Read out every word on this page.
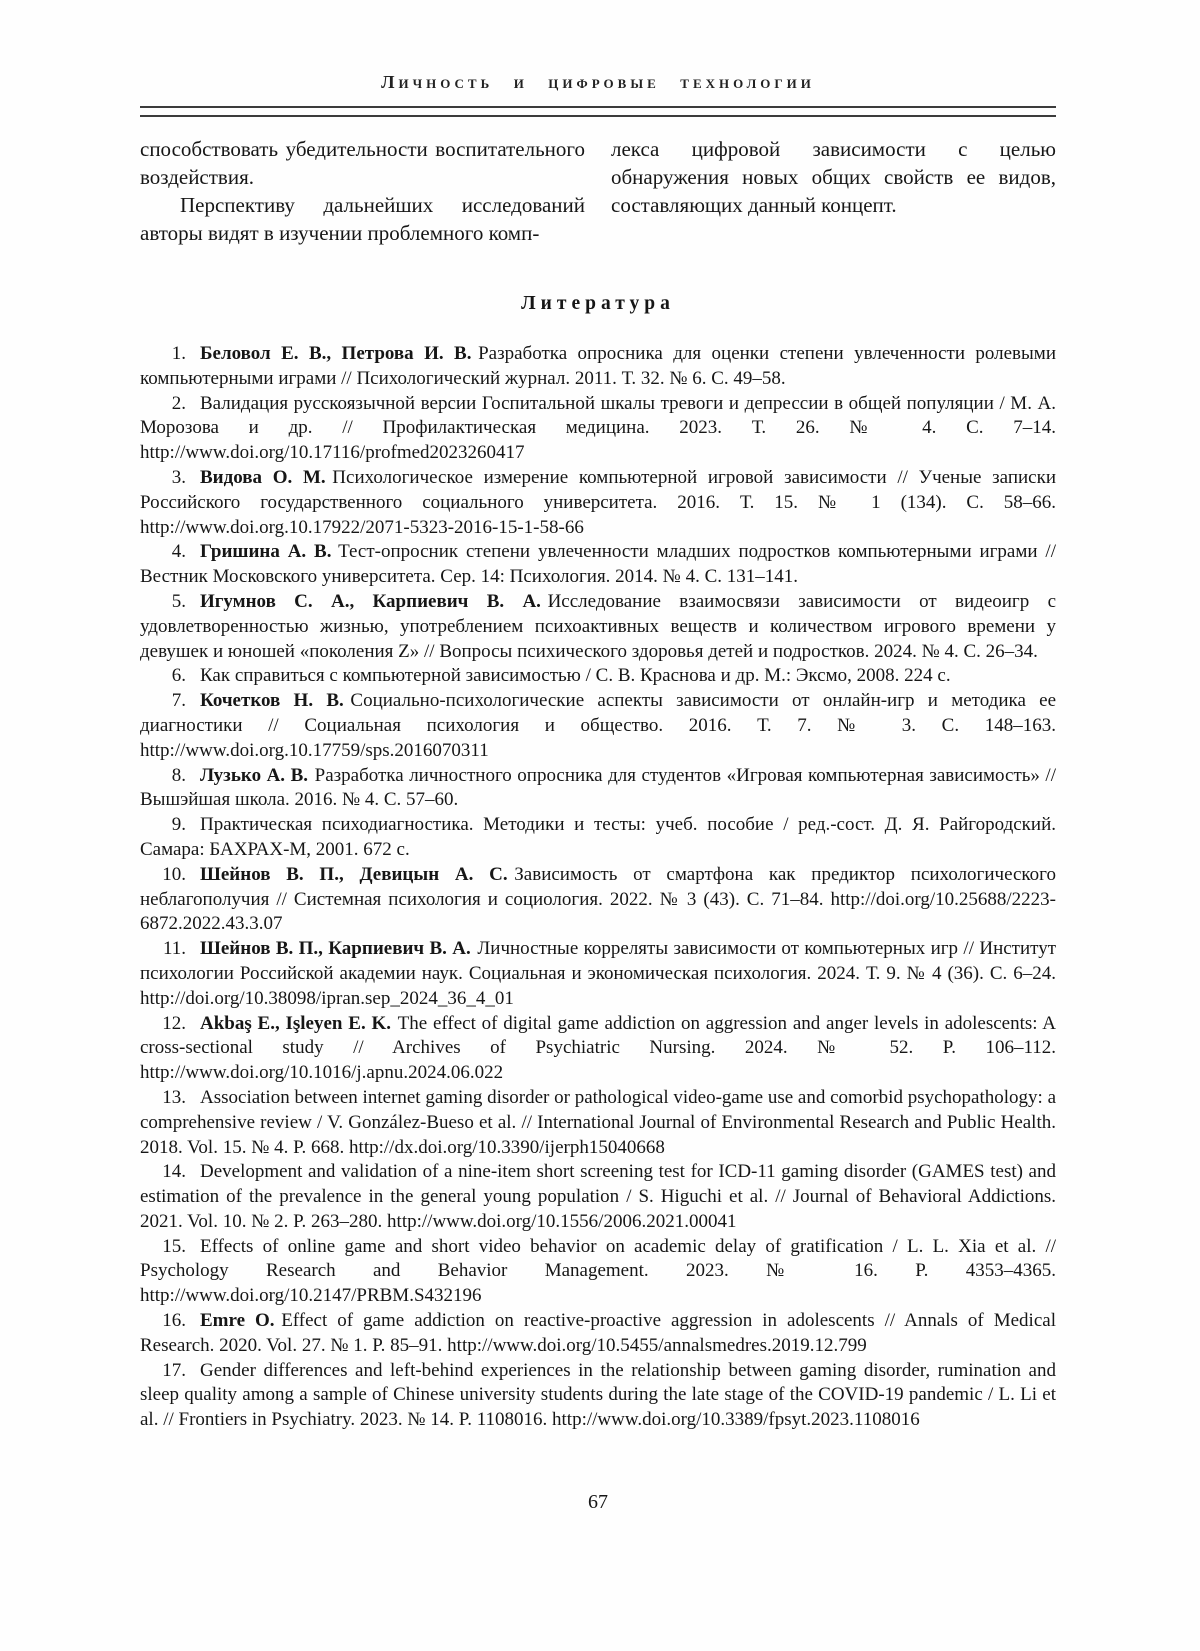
Личность и цифровые технологии

способствовать убедительности воспитательного воздействия.

Перспективу дальнейших исследований авторы видят в изучении проблемного комп-

лекса цифровой зависимости с целью обнаружения новых общих свойств ее видов, составляющих данный концепт.

Литература

1. Беловол Е. В., Петрова И. В. Разработка опросника для оценки степени увлеченности ролевыми компьютерными играми // Психологический журнал. 2011. Т. 32. № 6. С. 49–58.

2. Валидация русскоязычной версии Госпитальной шкалы тревоги и депрессии в общей популяции / М. А. Морозова и др. // Профилактическая медицина. 2023. Т. 26. № 4. С. 7–14. http://www.doi.org/10.17116/profmed2023260417

3. Видова О. М. Психологическое измерение компьютерной игровой зависимости // Ученые записки Российского государственного социального университета. 2016. Т. 15. № 1 (134). С. 58–66. http://www.doi.org.10.17922/2071-5323-2016-15-1-58-66

4. Гришина А. В. Тест-опросник степени увлеченности младших подростков компьютерными играми // Вестник Московского университета. Сер. 14: Психология. 2014. № 4. С. 131–141.

5. Игумнов С. А., Карпиевич В. А. Исследование взаимосвязи зависимости от видеоигр с удовлетворенностью жизнью, употреблением психоактивных веществ и количеством игрового времени у девушек и юношей «поколения Z» // Вопросы психического здоровья детей и подростков. 2024. № 4. С. 26–34.

6. Как справиться с компьютерной зависимостью / С. В. Краснова и др. М.: Эксмо, 2008. 224 с.

7. Кочетков Н. В. Социально-психологические аспекты зависимости от онлайн-игр и методика ее диагностики // Социальная психология и общество. 2016. Т. 7. № 3. С. 148–163. http://www.doi.org.10.17759/sps.2016070311

8. Лузько А. В. Разработка личностного опросника для студентов «Игровая компьютерная зависимость» // Вышэйшая школа. 2016. № 4. С. 57–60.

9. Практическая психодиагностика. Методики и тесты: учеб. пособие / ред.-сост. Д. Я. Райгородский. Самара: БАХРАХ-М, 2001. 672 с.

10. Шейнов В. П., Девицын А. С. Зависимость от смартфона как предиктор психологического неблагополучия // Системная психология и социология. 2022. № 3 (43). С. 71–84. http://doi.org/10.25688/2223-6872.2022.43.3.07

11. Шейнов В. П., Карпиевич В. А. Личностные корреляты зависимости от компьютерных игр // Институт психологии Российской академии наук. Социальная и экономическая психология. 2024. Т. 9. № 4 (36). С. 6–24. http://doi.org/10.38098/ipran.sep_2024_36_4_01

12. Akbaş E., Işleyen E. K. The effect of digital game addiction on aggression and anger levels in adolescents: A cross-sectional study // Archives of Psychiatric Nursing. 2024. № 52. P. 106–112. http://www.doi.org/10.1016/j.apnu.2024.06.022

13. Association between internet gaming disorder or pathological video-game use and comorbid psychopathology: a comprehensive review / V. González-Bueso et al. // International Journal of Environmental Research and Public Health. 2018. Vol. 15. № 4. P. 668. http://dx.doi.org/10.3390/ijerph15040668

14. Development and validation of a nine-item short screening test for ICD-11 gaming disorder (GAMES test) and estimation of the prevalence in the general young population / S. Higuchi et al. // Journal of Behavioral Addictions. 2021. Vol. 10. № 2. P. 263–280. http://www.doi.org/10.1556/2006.2021.00041

15. Effects of online game and short video behavior on academic delay of gratification / L. L. Xia et al. // Psychology Research and Behavior Management. 2023. № 16. P. 4353–4365. http://www.doi.org/10.2147/PRBM.S432196

16. Emre O. Effect of game addiction on reactive-proactive aggression in adolescents // Annals of Medical Research. 2020. Vol. 27. № 1. P. 85–91. http://www.doi.org/10.5455/annalsmedres.2019.12.799

17. Gender differences and left-behind experiences in the relationship between gaming disorder, rumination and sleep quality among a sample of Chinese university students during the late stage of the COVID-19 pandemic / L. Li et al. // Frontiers in Psychiatry. 2023. № 14. P. 1108016. http://www.doi.org/10.3389/fpsyt.2023.1108016

67
